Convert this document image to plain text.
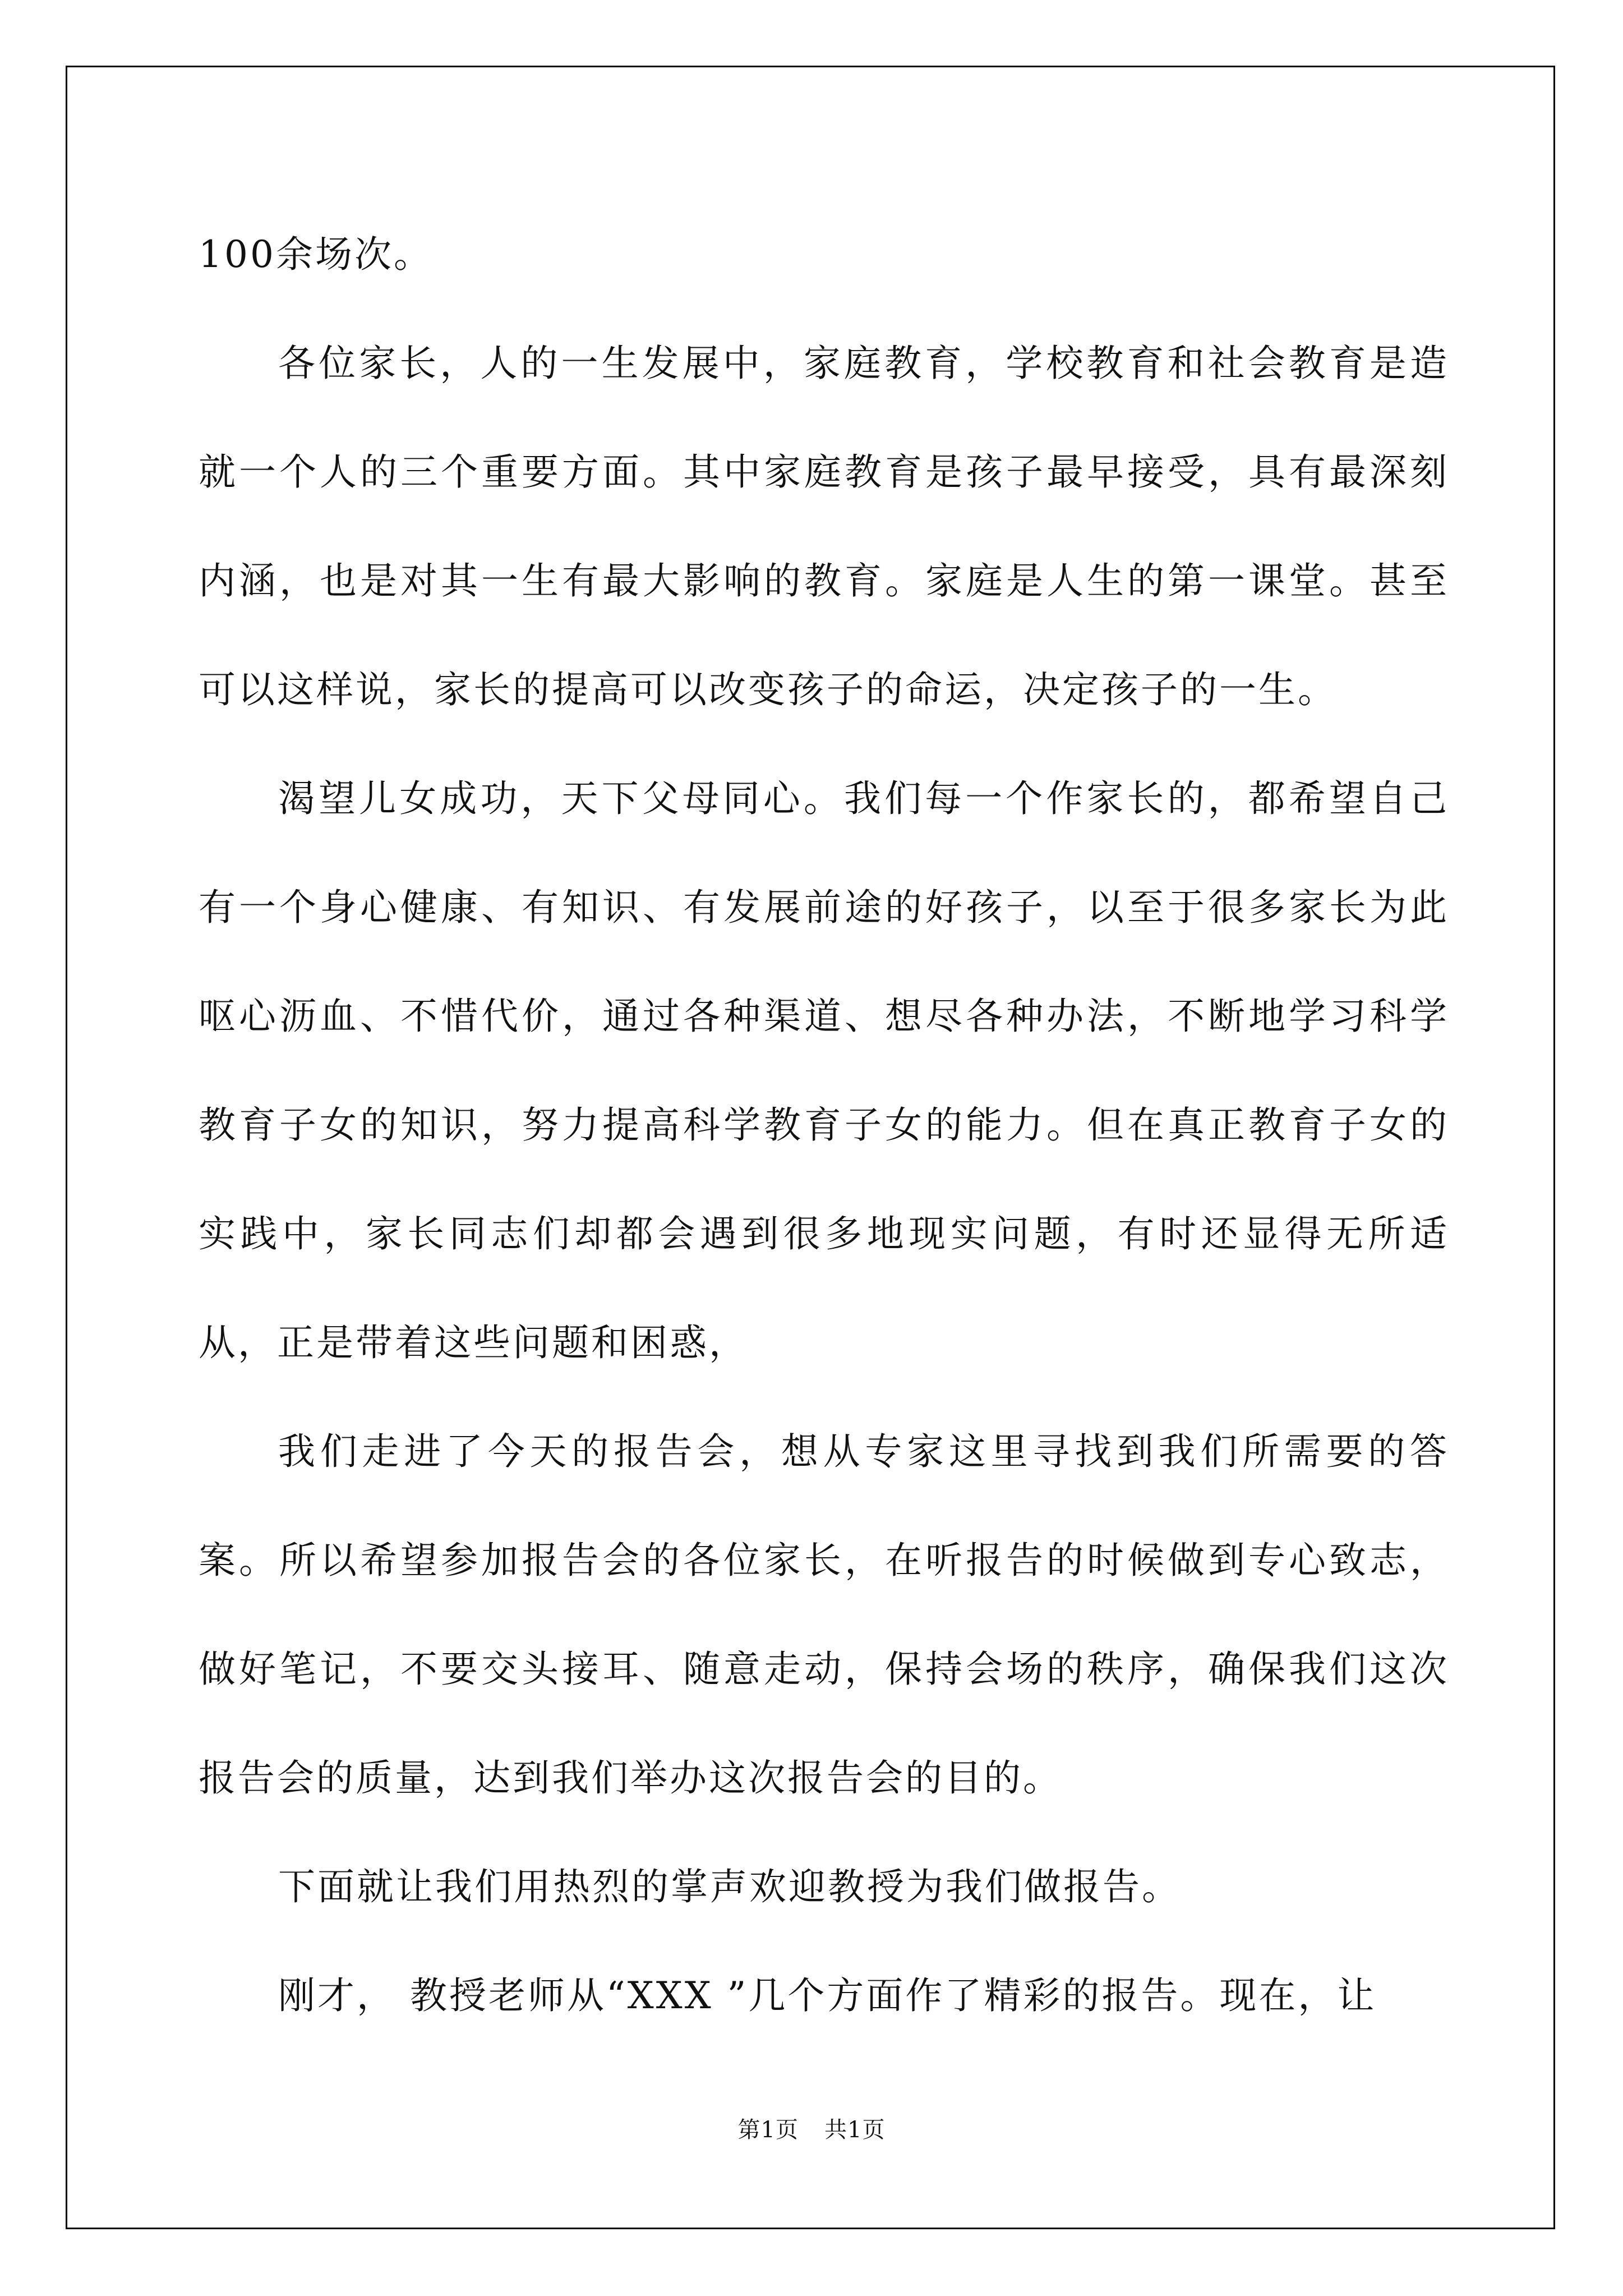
100余场次。

各位家长，人的一生发展中，家庭教育，学校教育和社会教育是造就一个人的三个重要方面。其中家庭教育是孩子最早接受，具有最深刻内涵，也是对其一生有最大影响的教育。家庭是人生的第一课堂。甚至可以这样说，家长的提高可以改变孩子的命运，决定孩子的一生。

渴望儿女成功，天下父母同心。我们每一个作家长的，都希望自己有一个身心健康、有知识、有发展前途的好孩子，以至于很多家长为此呕心沥血、不惜代价，通过各种渠道、想尽各种办法，不断地学习科学教育子女的知识，努力提高科学教育子女的能力。但在真正教育子女的实践中，家长同志们却都会遇到很多地现实问题，有时还显得无所适从，正是带着这些问题和困惑，

我们走进了今天的报告会，想从专家这里寻找到我们所需要的答案。所以希望参加报告会的各位家长，在听报告的时候做到专心致志，做好笔记，不要交头接耳、随意走动，保持会场的秩序，确保我们这次报告会的质量，达到我们举办这次报告会的目的。

下面就让我们用热烈的掌声欢迎教授为我们做报告。

刚才， 教授老师从“XXX ”几个方面作了精彩的报告。现在，让

第1页 共1页
